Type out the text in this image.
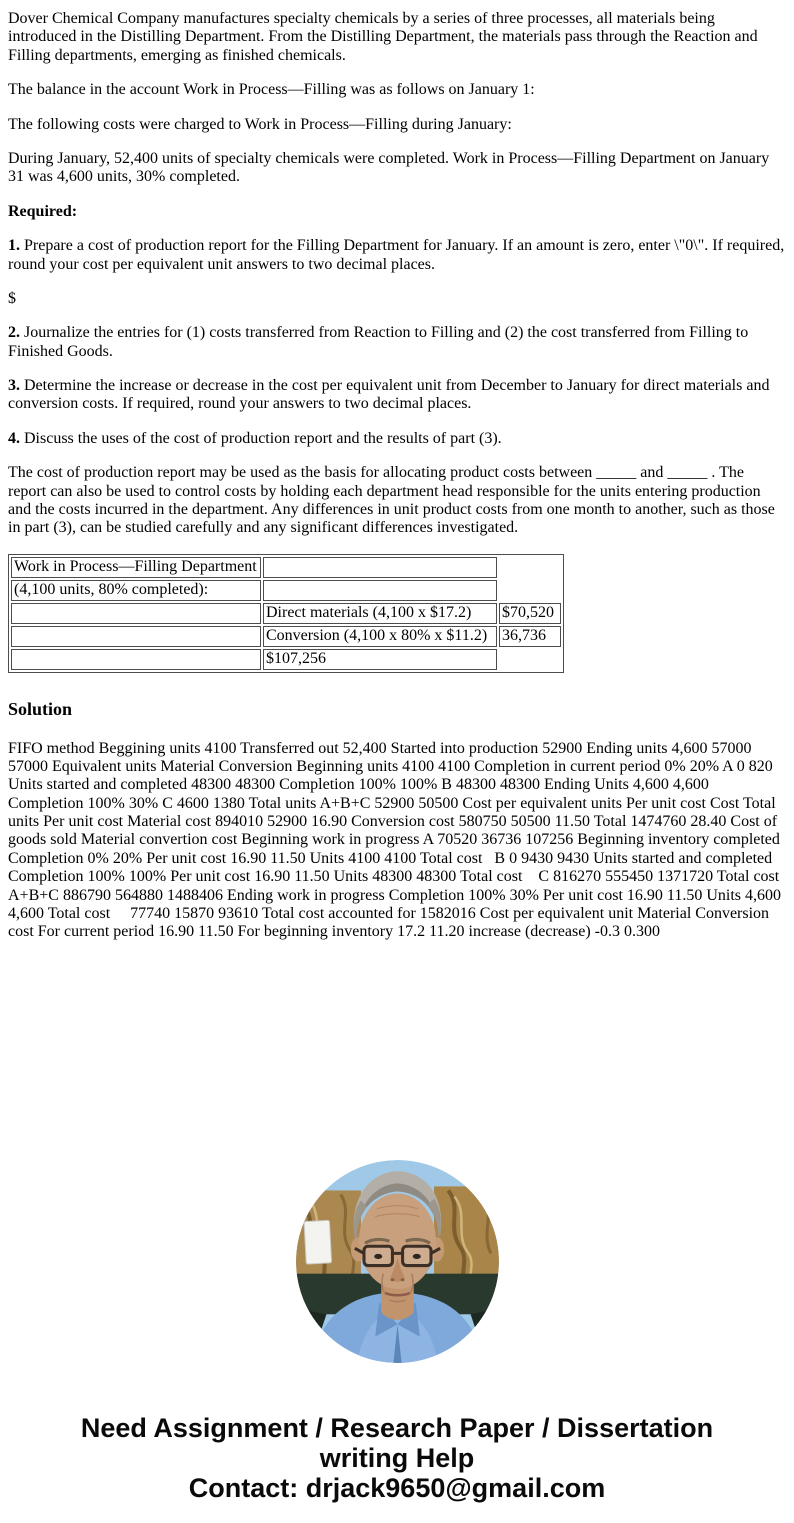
Dover Chemical Company manufactures specialty chemicals by a series of three processes, all materials being introduced in the Distilling Department. From the Distilling Department, the materials pass through the Reaction and Filling departments, emerging as finished chemicals.

The balance in the account Work in Process—Filling was as follows on January 1:

The following costs were charged to Work in Process—Filling during January:

During January, 52,400 units of specialty chemicals were completed. Work in Process—Filling Department on January 31 was 4,600 units, 30% completed.

Required:

1. Prepare a cost of production report for the Filling Department for January. If an amount is zero, enter \"0\". If required, round your cost per equivalent unit answers to two decimal places.

$

2. Journalize the entries for (1) costs transferred from Reaction to Filling and (2) the cost transferred from Filling to Finished Goods.

3. Determine the increase or decrease in the cost per equivalent unit from December to January for direct materials and conversion costs. If required, round your answers to two decimal places.

4. Discuss the uses of the cost of production report and the results of part (3).

The cost of production report may be used as the basis for allocating product costs between _____ and _____ . The report can also be used to control costs by holding each department head responsible for the units entering production and the costs incurred in the department. Any differences in unit product costs from one month to another, such as those in part (3), can be studied carefully and any significant differences investigated.

Work in Process—Filling Department		
(4,100 units, 80% completed):		
	Direct materials (4,100 x $17.2)	$70,520
	Conversion (4,100 x 80% x $11.2)	36,736
	$107,256	
Solution

FIFO method Beggining units 4100 Transferred out 52,400 Started into production 52900 Ending units 4,600 57000 57000 Equivalent units Material Conversion Beginning units 4100 4100 Completion in current period 0% 20% A 0 820 Units started and completed 48300 48300 Completion 100% 100% B 48300 48300 Ending Units 4,600 4,600 Completion 100% 30% C 4600 1380 Total units A+B+C 52900 50500 Cost per equivalent units Per unit cost Cost Total units Per unit cost Material cost 894010 52900 16.90 Conversion cost 580750 50500 11.50 Total 1474760 28.40 Cost of goods sold Material convertion cost Beginning work in progress A 70520 36736 107256 Beginning inventory completed Completion 0% 20% Per unit cost 16.90 11.50 Units 4100 4100 Total cost   B 0 9430 9430 Units started and completed Completion 100% 100% Per unit cost 16.90 11.50 Units 48300 48300 Total cost    C 816270 555450 1371720 Total cost A+B+C 886790 564880 1488406 Ending work in progress Completion 100% 30% Per unit cost 16.90 11.50 Units 4,600 4,600 Total cost     77740 15870 93610 Total cost accounted for 1582016 Cost per equivalent unit Material Conversion cost For current period 16.90 11.50 For beginning inventory 17.2 11.20 increase (decrease) -0.3 0.300

Need Assignment / Research Paper / Dissertation
writing Help
Contact: drjack9650@gmail.com
